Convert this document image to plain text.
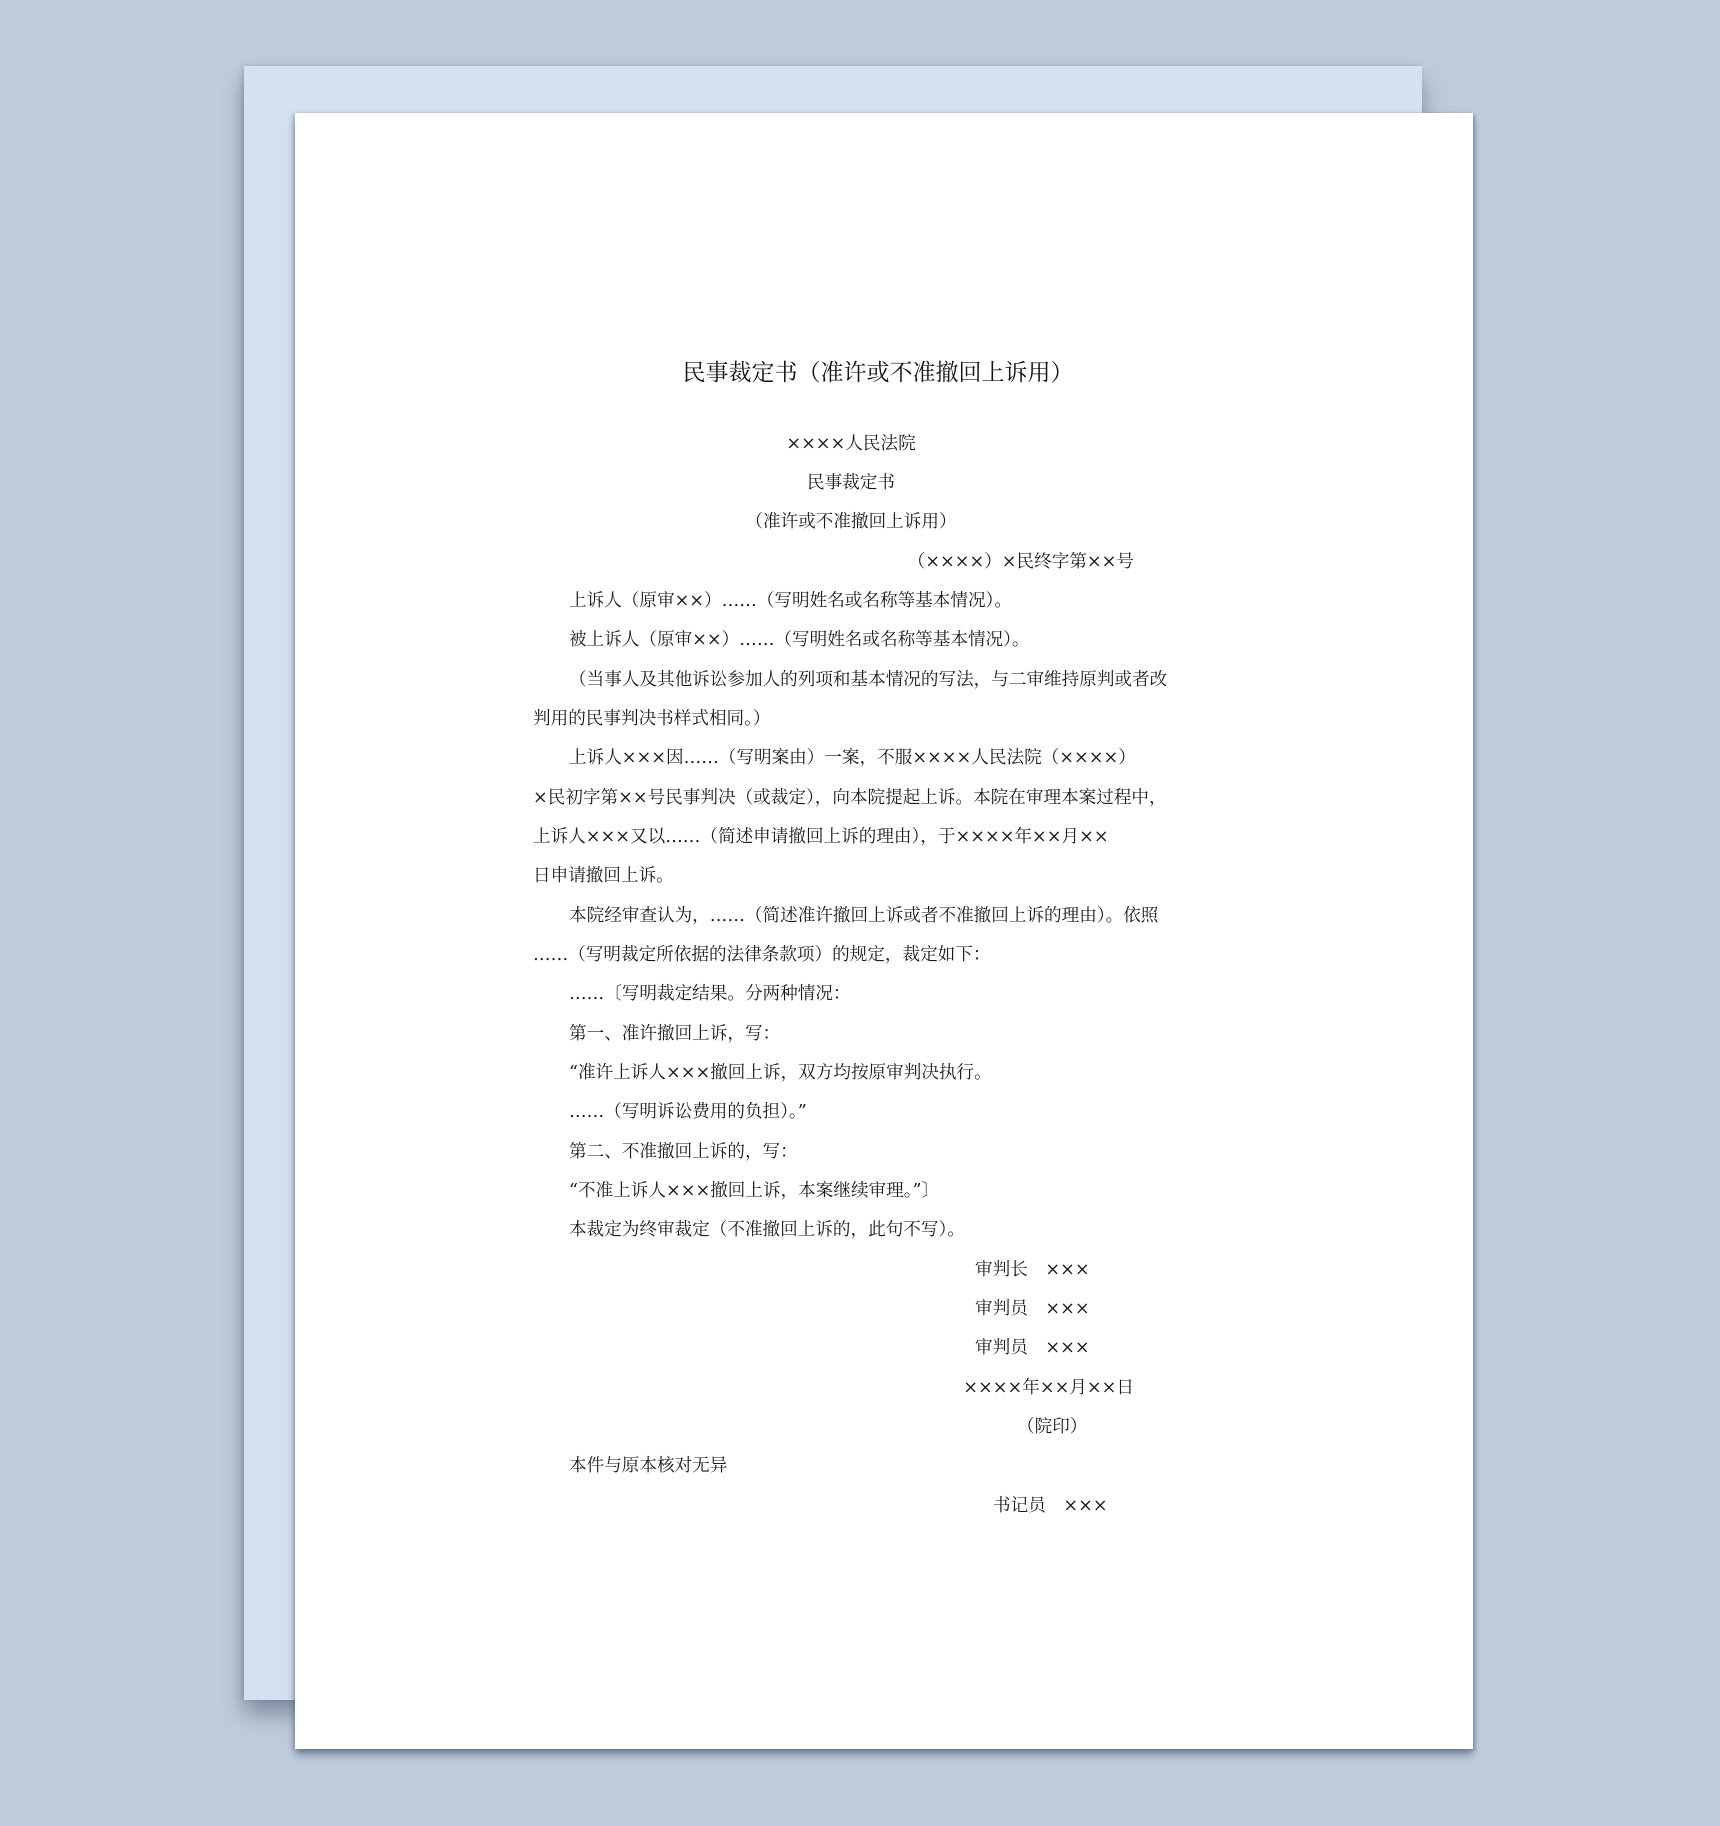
民事裁定书（准许或不准撤回上诉用）
××××人民法院
民事裁定书
（准许或不准撤回上诉用）
（××××）×民终字第××号
上诉人（原审××）……（写明姓名或名称等基本情况）。
被上诉人（原审××）……（写明姓名或名称等基本情况）。
（当事人及其他诉讼参加人的列项和基本情况的写法，与二审维持原判或者改
判用的民事判决书样式相同。）
上诉人×××因……（写明案由）一案，不服××××人民法院（××××）
×民初字第××号民事判决（或裁定），向本院提起上诉。本院在审理本案过程中，
上诉人×××又以……（简述申请撤回上诉的理由），于××××年××月××
日申请撤回上诉。
本院经审查认为，……（简述准许撤回上诉或者不准撤回上诉的理由）。依照
……（写明裁定所依据的法律条款项）的规定，裁定如下：
……〔写明裁定结果。分两种情况：
第一、准许撤回上诉，写：
“准许上诉人×××撤回上诉，双方均按原审判决执行。
……（写明诉讼费用的负担）。”
第二、不准撤回上诉的，写：
“不准上诉人×××撤回上诉，本案继续审理。”〕
本裁定为终审裁定（不准撤回上诉的，此句不写）。
审判长　×××
审判员　×××
审判员　×××
××××年××月××日
（院印）
本件与原本核对无异
书记员　×××
